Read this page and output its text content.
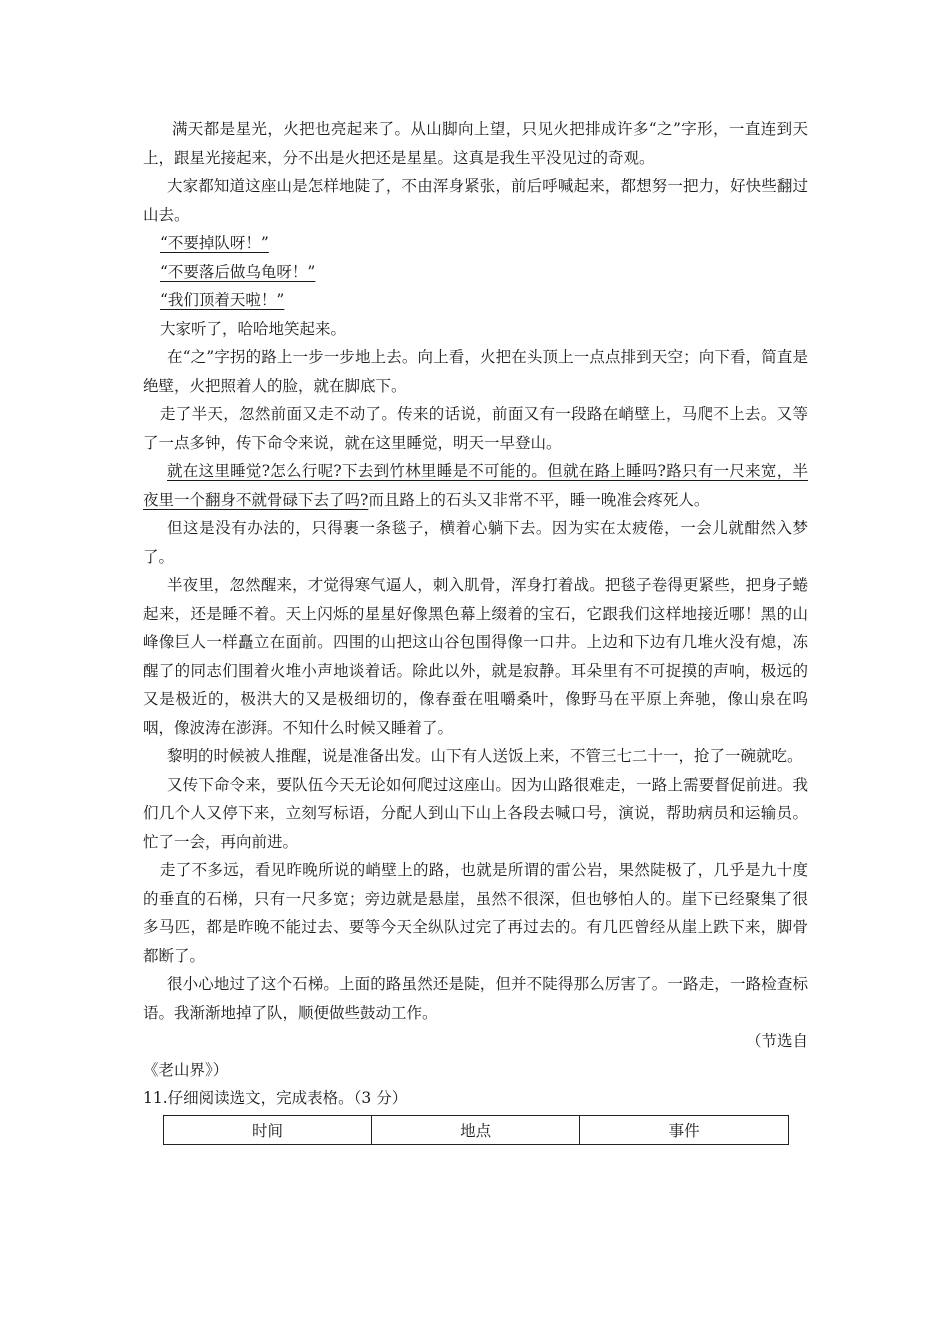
满天都是星光，火把也亮起来了。从山脚向上望，只见火把排成许多“之”字形，一直连到天上，跟星光接起来，分不出是火把还是星星。这真是我生平没见过的奇观。

大家都知道这座山是怎样地陡了，不由浑身紧张，前后呼喊起来，都想努一把力，好快些翻过山去。

“不要掉队呀！”

“不要落后做乌龟呀！”

“我们顶着天啦！”

大家听了，哈哈地笑起来。

在“之”字拐的路上一步一步地上去。向上看，火把在头顶上一点点排到天空；向下看，简直是绝壁，火把照着人的脸，就在脚底下。

走了半天，忽然前面又走不动了。传来的话说，前面又有一段路在峭壁上，马爬不上去。又等了一点多钟，传下命令来说，就在这里睡觉，明天一早登山。

就在这里睡觉?怎么行呢?下去到竹林里睡是不可能的。但就在路上睡吗?路只有一尺来宽，半夜里一个翻身不就骨碌下去了吗?而且路上的石头又非常不平，睡一晚准会疼死人。

但这是没有办法的，只得裹一条毯子，横着心躺下去。因为实在太疲倦，一会儿就酣然入梦了。

半夜里，忽然醒来，才觉得寒气逼人，刺入肌骨，浑身打着战。把毯子卷得更紧些，把身子蜷起来，还是睡不着。天上闪烁的星星好像黑色幕上缀着的宝石，它跟我们这样地接近哪！黑的山峰像巨人一样矗立在面前。四围的山把这山谷包围得像一口井。上边和下边有几堆火没有熄，冻醒了的同志们围着火堆小声地谈着话。除此以外，就是寂静。耳朵里有不可捉摸的声响，极远的又是极近的，极洪大的又是极细切的，像春蚕在咀嚼桑叶，像野马在平原上奔驰，像山泉在呜咽，像波涛在澎湃。不知什么时候又睡着了。

黎明的时候被人推醒，说是准备出发。山下有人送饭上来，不管三七二十一，抢了一碗就吃。

又传下命令来，要队伍今天无论如何爬过这座山。因为山路很难走，一路上需要督促前进。我们几个人又停下来，立刻写标语，分配人到山下山上各段去喊口号，演说，帮助病员和运输员。忙了一会，再向前进。

走了不多远，看见昨晚所说的峭壁上的路，也就是所谓的雷公岩，果然陡极了，几乎是九十度的垂直的石梯，只有一尺多宽；旁边就是悬崖，虽然不很深，但也够怕人的。崖下已经聚集了很多马匹，都是昨晚不能过去、要等今天全纵队过完了再过去的。有几匹曾经从崖上跌下来，脚骨都断了。

很小心地过了这个石梯。上面的路虽然还是陡，但并不陡得那么厉害了。一路走，一路检查标语。我渐渐地掉了队，顺便做些鼓动工作。

（节选自

《老山界》）

11.仔细阅读选文，完成表格。（3 分）

时间	地点	事件
